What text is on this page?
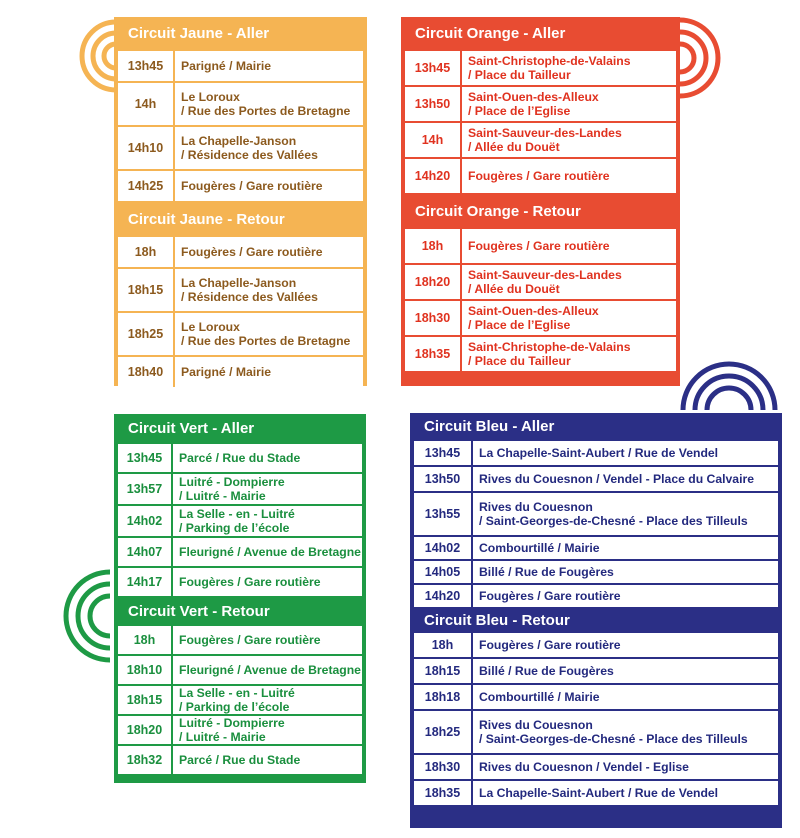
Circuit Jaune - Aller
13h45	Parigné / Mairie
14h	Le Loroux
/ Rue des Portes de Bretagne
14h10	La Chapelle-Janson
/ Résidence des Vallées
14h25	Fougères / Gare routière
Circuit Jaune - Retour
18h	Fougères / Gare routière
18h15	La Chapelle-Janson
/ Résidence des Vallées
18h25	Le Loroux
/ Rue des Portes de Bretagne
18h40	Parigné / Mairie
Circuit Orange - Aller
13h45	Saint-Christophe-de-Valains
/ Place du Tailleur
13h50	Saint-Ouen-des-Alleux
/ Place de l’Eglise
14h	Saint-Sauveur-des-Landes
/ Allée du Douët
14h20	Fougères / Gare routière
Circuit Orange - Retour
18h	Fougères / Gare routière
18h20	Saint-Sauveur-des-Landes
/ Allée du Douët
18h30	Saint-Ouen-des-Alleux
/ Place de l’Eglise
18h35	Saint-Christophe-de-Valains
/ Place du Tailleur
Circuit Vert - Aller
13h45	Parcé / Rue du Stade
13h57	Luitré - Dompierre
/ Luitré - Mairie
14h02	La Selle - en - Luitré
/ Parking de l’école
14h07	Fleurigné / Avenue de Bretagne
14h17	Fougères / Gare routière
Circuit Vert - Retour
18h	Fougères / Gare routière
18h10	Fleurigné / Avenue de Bretagne
18h15	La Selle - en - Luitré
/ Parking de l’école
18h20	Luitré - Dompierre
/ Luitré - Mairie
18h32	Parcé / Rue du Stade
Circuit Bleu - Aller
13h45	La Chapelle-Saint-Aubert / Rue de Vendel
13h50	Rives du Couesnon / Vendel - Place du Calvaire
13h55	Rives du Couesnon
/ Saint-Georges-de-Chesné - Place des Tilleuls
14h02	Combourtillé / Mairie
14h05	Billé / Rue de Fougères
14h20	Fougères / Gare routière
Circuit Bleu - Retour
18h	Fougères / Gare routière
18h15	Billé / Rue de Fougères
18h18	Combourtillé / Mairie
18h25	Rives du Couesnon
/ Saint-Georges-de-Chesné - Place des Tilleuls
18h30	Rives du Couesnon / Vendel - Eglise
18h35	La Chapelle-Saint-Aubert / Rue de Vendel
